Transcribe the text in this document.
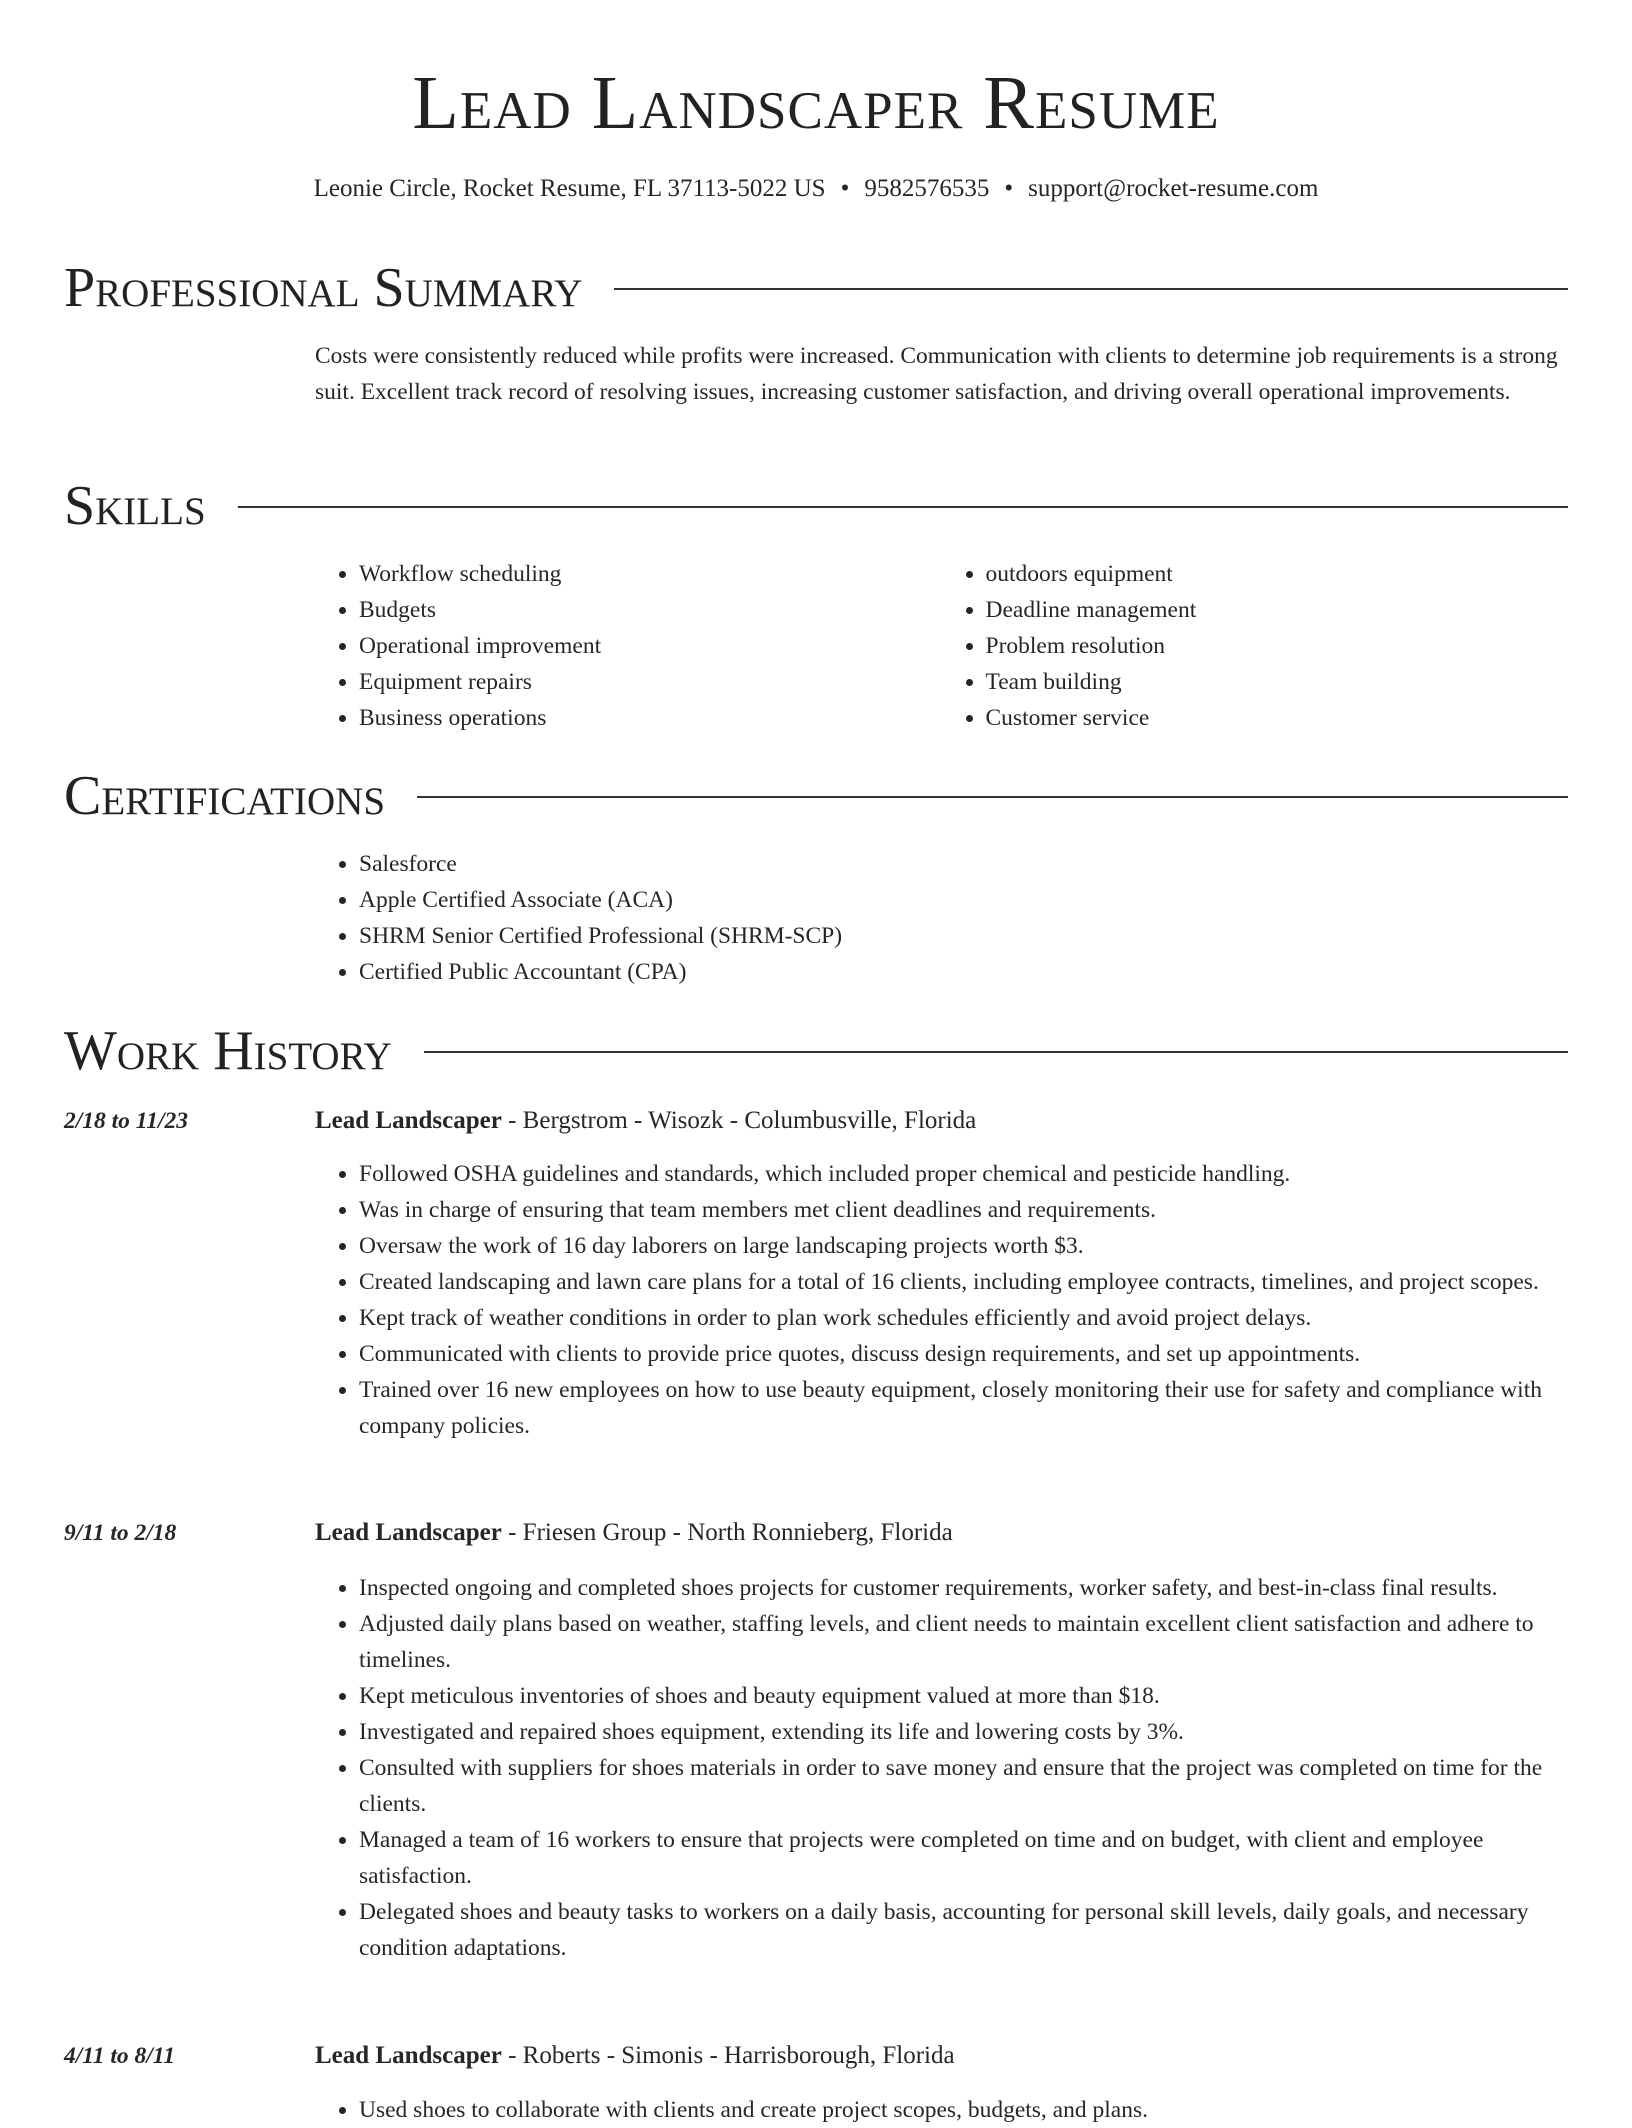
Lead Landscaper Resume
Leonie Circle, Rocket Resume, FL 37113-5022 US • 9582576535 • support@rocket-resume.com
Professional Summary
Costs were consistently reduced while profits were increased. Communication with clients to determine job requirements is a strong suit. Excellent track record of resolving issues, increasing customer satisfaction, and driving overall operational improvements.
Skills
• Workflow scheduling
• Budgets
• Operational improvement
• Equipment repairs
• Business operations
• outdoors equipment
• Deadline management
• Problem resolution
• Team building
• Customer service
Certifications
• Salesforce
• Apple Certified Associate (ACA)
• SHRM Senior Certified Professional (SHRM-SCP)
• Certified Public Accountant (CPA)
Work History
2/18 to 11/23	Lead Landscaper - Bergstrom - Wisozk - Columbusville, Florida
• Followed OSHA guidelines and standards, which included proper chemical and pesticide handling.
• Was in charge of ensuring that team members met client deadlines and requirements.
• Oversaw the work of 16 day laborers on large landscaping projects worth $3.
• Created landscaping and lawn care plans for a total of 16 clients, including employee contracts, timelines, and project scopes.
• Kept track of weather conditions in order to plan work schedules efficiently and avoid project delays.
• Communicated with clients to provide price quotes, discuss design requirements, and set up appointments.
• Trained over 16 new employees on how to use beauty equipment, closely monitoring their use for safety and compliance with company policies.
9/11 to 2/18	Lead Landscaper - Friesen Group - North Ronnieberg, Florida
• Inspected ongoing and completed shoes projects for customer requirements, worker safety, and best-in-class final results.
• Adjusted daily plans based on weather, staffing levels, and client needs to maintain excellent client satisfaction and adhere to timelines.
• Kept meticulous inventories of shoes and beauty equipment valued at more than $18.
• Investigated and repaired shoes equipment, extending its life and lowering costs by 3%.
• Consulted with suppliers for shoes materials in order to save money and ensure that the project was completed on time for the clients.
• Managed a team of 16 workers to ensure that projects were completed on time and on budget, with client and employee satisfaction.
• Delegated shoes and beauty tasks to workers on a daily basis, accounting for personal skill levels, daily goals, and necessary condition adaptations.
4/11 to 8/11	Lead Landscaper - Roberts - Simonis - Harrisborough, Florida
• Used shoes to collaborate with clients and create project scopes, budgets, and plans.
